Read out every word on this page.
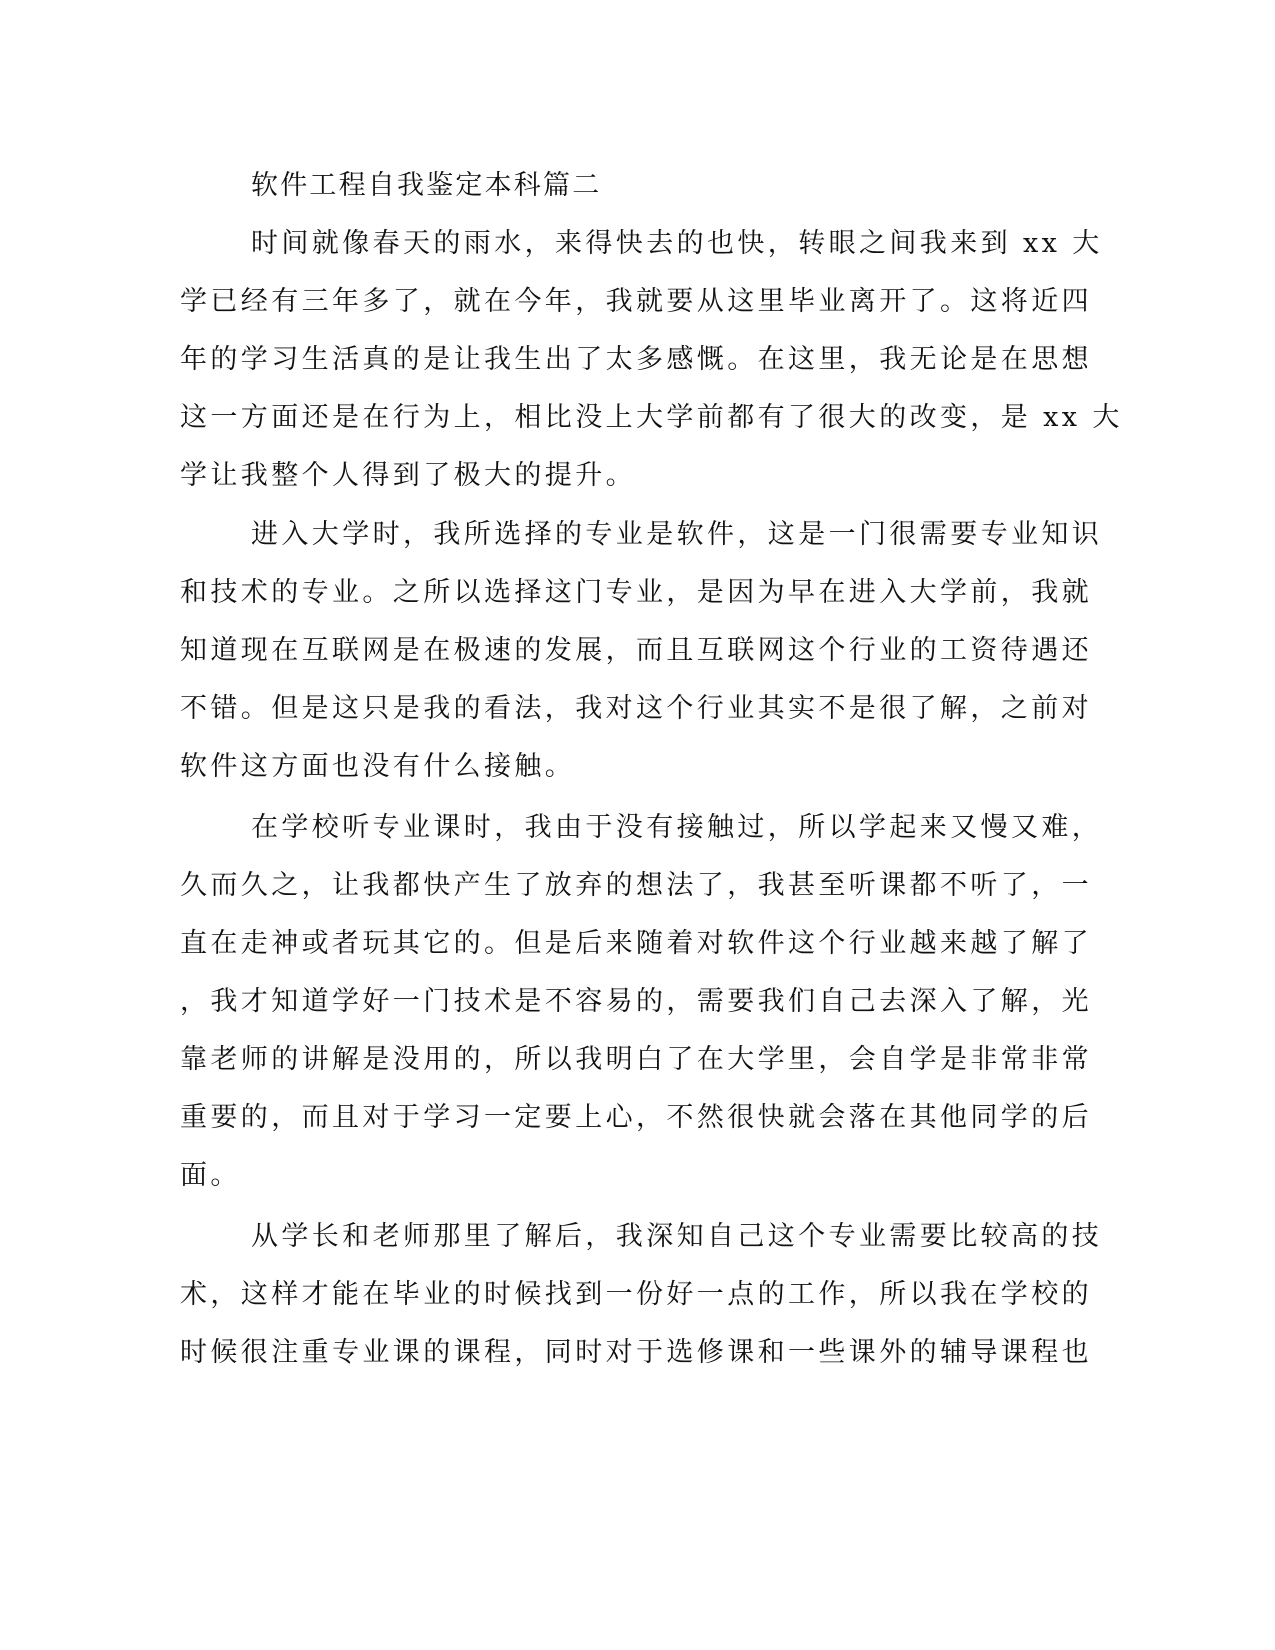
软件工程自我鉴定本科篇二
时间就像春天的雨水，来得快去的也快，转眼之间我来到 xx 大
学已经有三年多了，就在今年，我就要从这里毕业离开了。这将近四
年的学习生活真的是让我生出了太多感慨。在这里，我无论是在思想
这一方面还是在行为上，相比没上大学前都有了很大的改变，是 xx 大
学让我整个人得到了极大的提升。
进入大学时，我所选择的专业是软件，这是一门很需要专业知识
和技术的专业。之所以选择这门专业，是因为早在进入大学前，我就
知道现在互联网是在极速的发展，而且互联网这个行业的工资待遇还
不错。但是这只是我的看法，我对这个行业其实不是很了解，之前对
软件这方面也没有什么接触。
在学校听专业课时，我由于没有接触过，所以学起来又慢又难，
久而久之，让我都快产生了放弃的想法了，我甚至听课都不听了，一
直在走神或者玩其它的。但是后来随着对软件这个行业越来越了解了
，我才知道学好一门技术是不容易的，需要我们自己去深入了解，光
靠老师的讲解是没用的，所以我明白了在大学里，会自学是非常非常
重要的，而且对于学习一定要上心，不然很快就会落在其他同学的后
面。
从学长和老师那里了解后，我深知自己这个专业需要比较高的技
术，这样才能在毕业的时候找到一份好一点的工作，所以我在学校的
时候很注重专业课的课程，同时对于选修课和一些课外的辅导课程也
